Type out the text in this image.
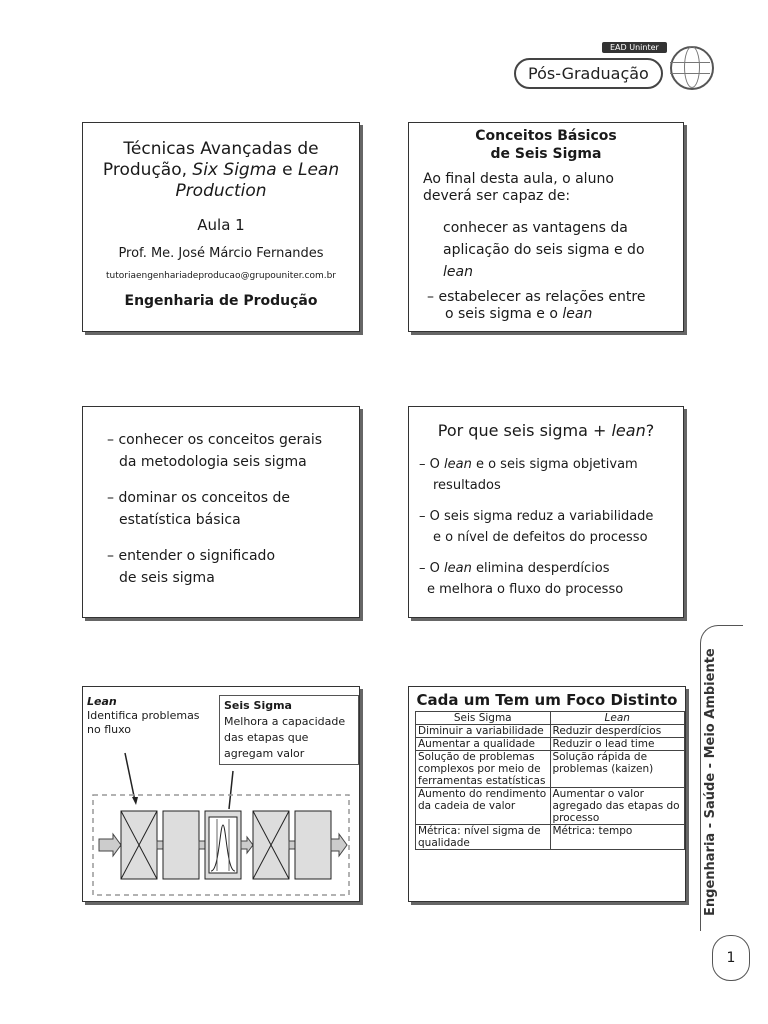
EAD Uninter
Pós-Graduação
Técnicas Avançadas de
Produção, Six Sigma e Lean
Production
Aula 1
Prof. Me. José Márcio Fernandes
tutoriaengenhariadeproducao@grupouniter.com.br
Engenharia de Produção
Conceitos Básicos
de Seis Sigma
Ao final desta aula, o aluno
deverá ser capaz de:
conhecer as vantagens da
aplicação do seis sigma e do
lean
– estabelecer as relações entre
o seis sigma e o lean
– conhecer os conceitos gerais
da metodologia seis sigma
– dominar os conceitos de
estatística básica
– entender o significado
de seis sigma
Por que seis sigma + lean?
– O lean e o seis sigma objetivam
resultados
– O seis sigma reduz a variabilidade
e o nível de defeitos do processo
– O lean elimina desperdícios
e melhora o fluxo do processo
Lean
Identifica problemas
no fluxo
Seis Sigma
Melhora a capacidade
das etapas que
agregam valor
Cada um Tem um Foco Distinto
Seis Sigma	Lean
Diminuir a variabilidade	Reduzir desperdícios
Aumentar a qualidade	Reduzir o lead time
Solução de problemas complexos por meio de ferramentas estatísticas	Solução rápida de problemas (kaizen)
Aumento do rendimento da cadeia de valor	Aumentar o valor agregado das etapas do processo
Métrica: nível sigma de qualidade	Métrica: tempo	Engenharia - Saúde - Meio Ambiente
1
